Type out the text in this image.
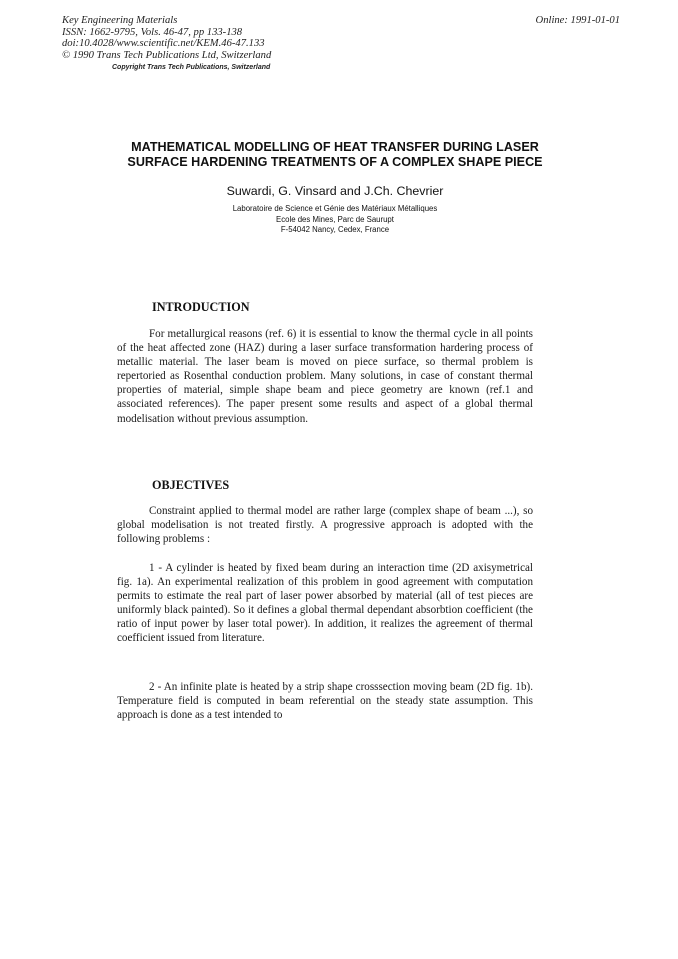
Key Engineering Materials
ISSN: 1662-9795, Vols. 46-47, pp 133-138
doi:10.4028/www.scientific.net/KEM.46-47.133
© 1990 Trans Tech Publications Ltd, Switzerland
Copyright Trans Tech Publications, Switzerland
Online: 1991-01-01
MATHEMATICAL MODELLING OF HEAT TRANSFER DURING LASER
SURFACE HARDENING TREATMENTS OF A COMPLEX SHAPE PIECE
Suwardi, G. Vinsard and J.Ch. Chevrier
Laboratoire de Science et Génie des Matériaux Métalliques
Ecole des Mines, Parc de Saurupt
F-54042 Nancy, Cedex, France
INTRODUCTION

For metallurgical reasons (ref. 6) it is essential to know the thermal cycle in all points of the heat affected zone (HAZ) during a laser surface transformation hardering process of metallic material. The laser beam is moved on piece surface, so thermal problem is repertoried as Rosenthal conduction problem. Many solutions, in case of constant thermal properties of material, simple shape beam and piece geometry are known (ref.1 and associated references). The paper present some results and aspect of a global thermal modelisation without previous assumption.

OBJECTIVES

Constraint applied to thermal model are rather large (complex shape of beam ...), so global modelisation is not treated firstly. A progressive approach is adopted with the following problems :

1 - A cylinder is heated by fixed beam during an interaction time (2D axisymetrical fig. 1a). An experimental realization of this problem in good agreement with computation permits to estimate the real part of laser power absorbed by material (all of test pieces are uniformly black painted). So it defines a global thermal dependant absorbtion coefficient (the ratio of input power by laser total power). In addition, it realizes the agreement of thermal coefficient issued from literature.

2 - An infinite plate is heated by a strip shape crosssection moving beam (2D fig. 1b). Temperature field is computed in beam referential on the steady state assumption. This approach is done as a test intended to
